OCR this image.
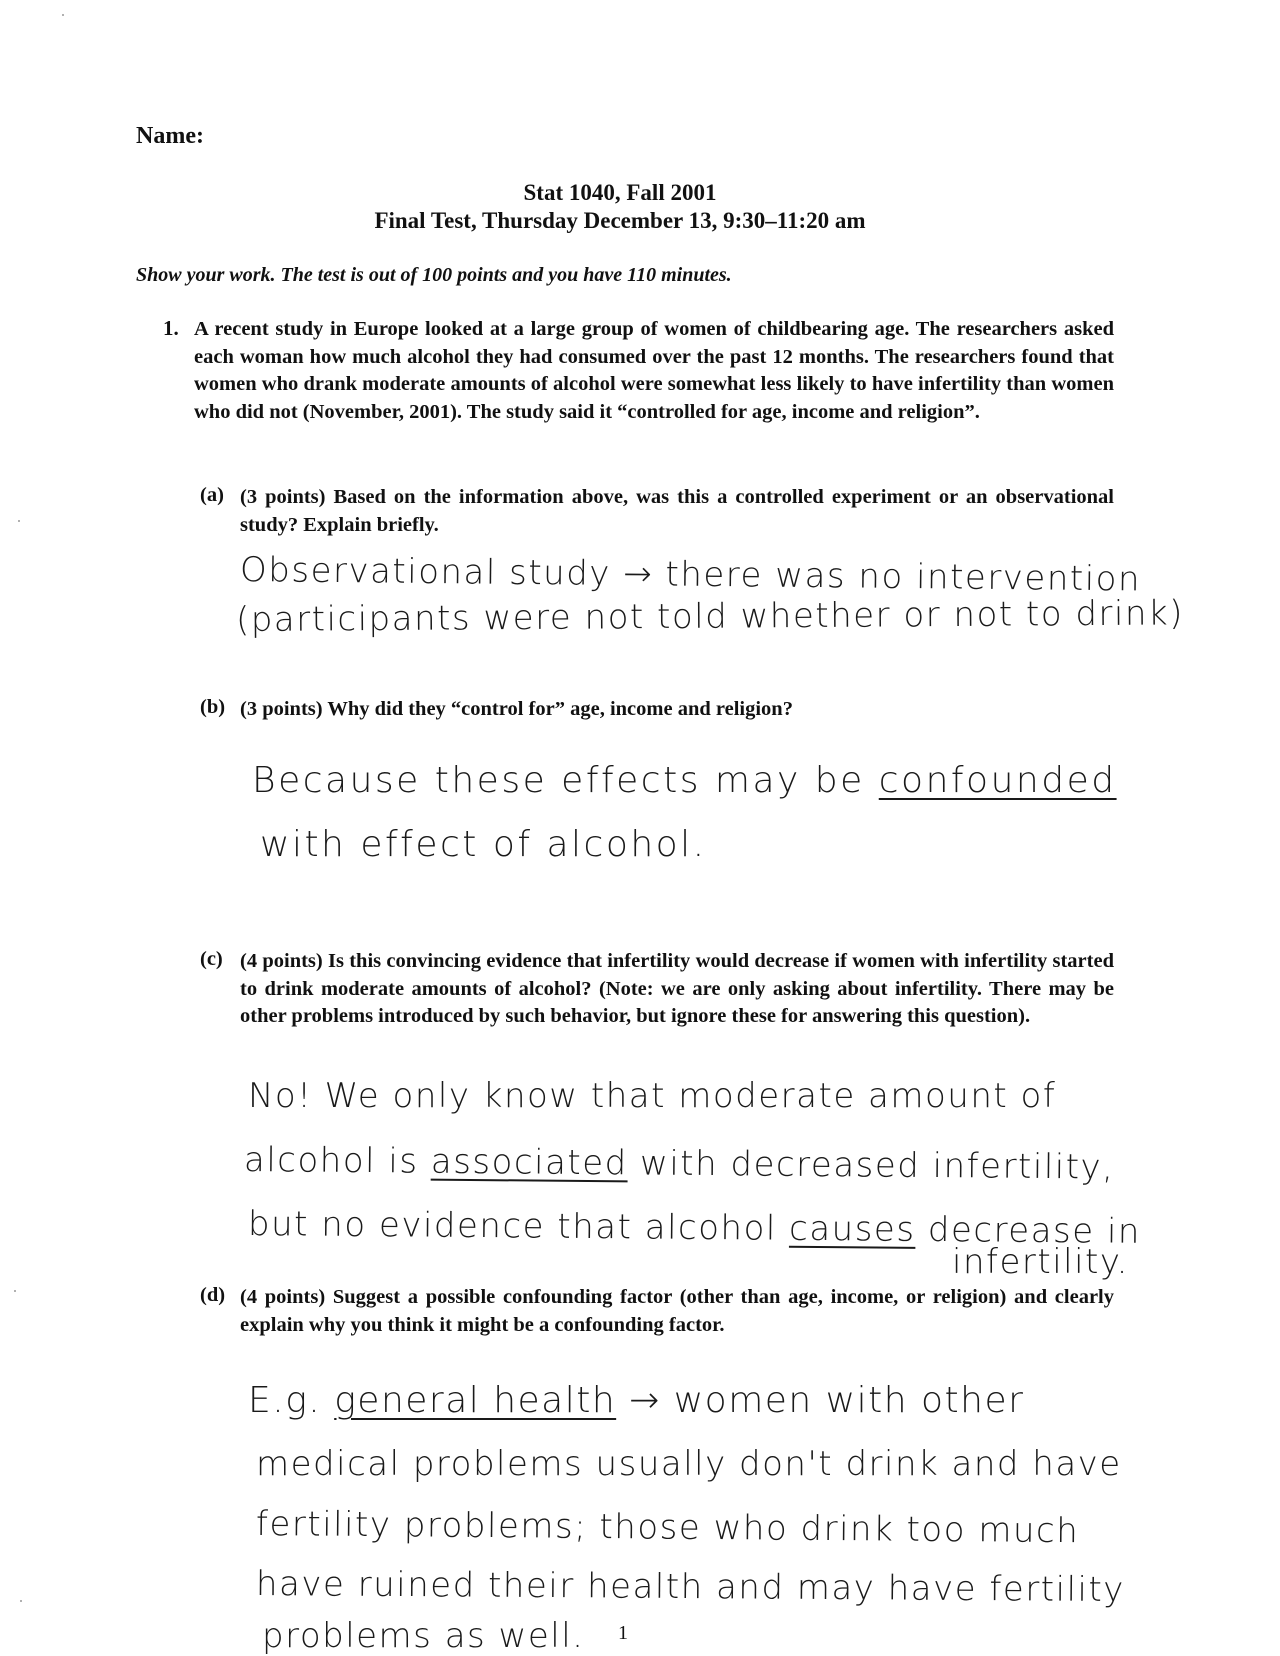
Name:
Stat 1040, Fall 2001
Final Test, Thursday December 13, 9:30–11:20 am
Show your work. The test is out of 100 points and you have 110 minutes.
1. A recent study in Europe looked at a large group of women of childbearing age. The researchers asked each woman how much alcohol they had consumed over the past 12 months. The researchers found that women who drank moderate amounts of alcohol were somewhat less likely to have infertility than women who did not (November, 2001). The study said it “controlled for age, income and religion”.
(a) (3 points) Based on the information above, was this a controlled experiment or an observational study? Explain briefly.
Observational study → there was no intervention
(participants were not told whether or not to drink)
(b) (3 points) Why did they “control for” age, income and religion?
Because these effects may be confounded
with effect of alcohol.
(c) (4 points) Is this convincing evidence that infertility would decrease if women with infertility started to drink moderate amounts of alcohol? (Note: we are only asking about infertility. There may be other problems introduced by such behavior, but ignore these for answering this question).
No! We only know that moderate amount of
alcohol is associated with decreased infertility,
but no evidence that alcohol causes decrease in
infertility.
(d) (4 points) Suggest a possible confounding factor (other than age, income, or religion) and clearly explain why you think it might be a confounding factor.
E.g. general health → women with other
medical problems usually don't drink and have
fertility problems; those who drink too much
have ruined their health and may have fertility
problems as well. 1
